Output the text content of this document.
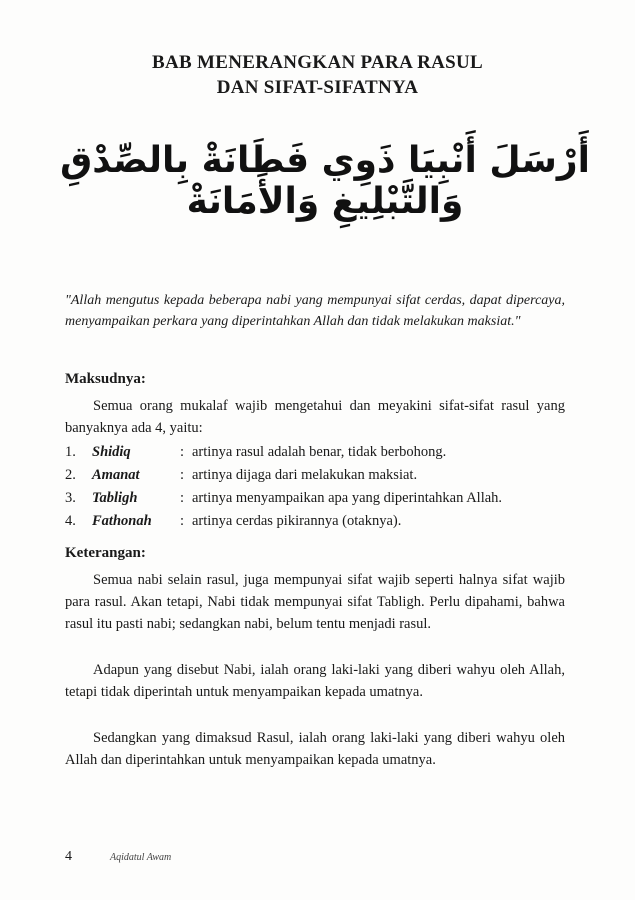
BAB MENERANGKAN PARA RASUL
DAN SIFAT-SIFATNYA
أَرْسَلَ أَنْبِيَا ذَوِي فَطَانَةْ بِالصِّدْقِ وَالتَّبْلِيغِ وَالأَمَانَةْ
"Allah mengutus kepada beberapa nabi yang mempunyai sifat cerdas, dapat dipercaya, menyampaikan perkara yang diperintahkan Allah dan tidak melakukan maksiat."
Maksudnya:
Semua orang mukalaf wajib mengetahui dan meyakini sifat-sifat rasul yang banyaknya ada 4, yaitu:
1.	Shidiq	: artinya rasul adalah benar, tidak berbohong.
2.	Amanat	: artinya dijaga dari melakukan maksiat.
3.	Tabligh	: artinya menyampaikan apa yang diperintahkan Allah.
4.	Fathonah	: artinya cerdas pikirannya (otaknya).
Keterangan:
Semua nabi selain rasul, juga mempunyai sifat wajib seperti halnya sifat wajib para rasul. Akan tetapi, Nabi tidak mempunyai sifat Tabligh. Perlu dipahami, bahwa rasul itu pasti nabi; sedangkan nabi, belum tentu menjadi rasul.
Adapun yang disebut Nabi, ialah orang laki-laki yang diberi wahyu oleh Allah, tetapi tidak diperintah untuk menyampaikan kepada umatnya.
Sedangkan yang dimaksud Rasul, ialah orang laki-laki yang diberi wahyu oleh Allah dan diperintahkan untuk menyampaikan kepada umatnya.
4	Aqidatul Awam
